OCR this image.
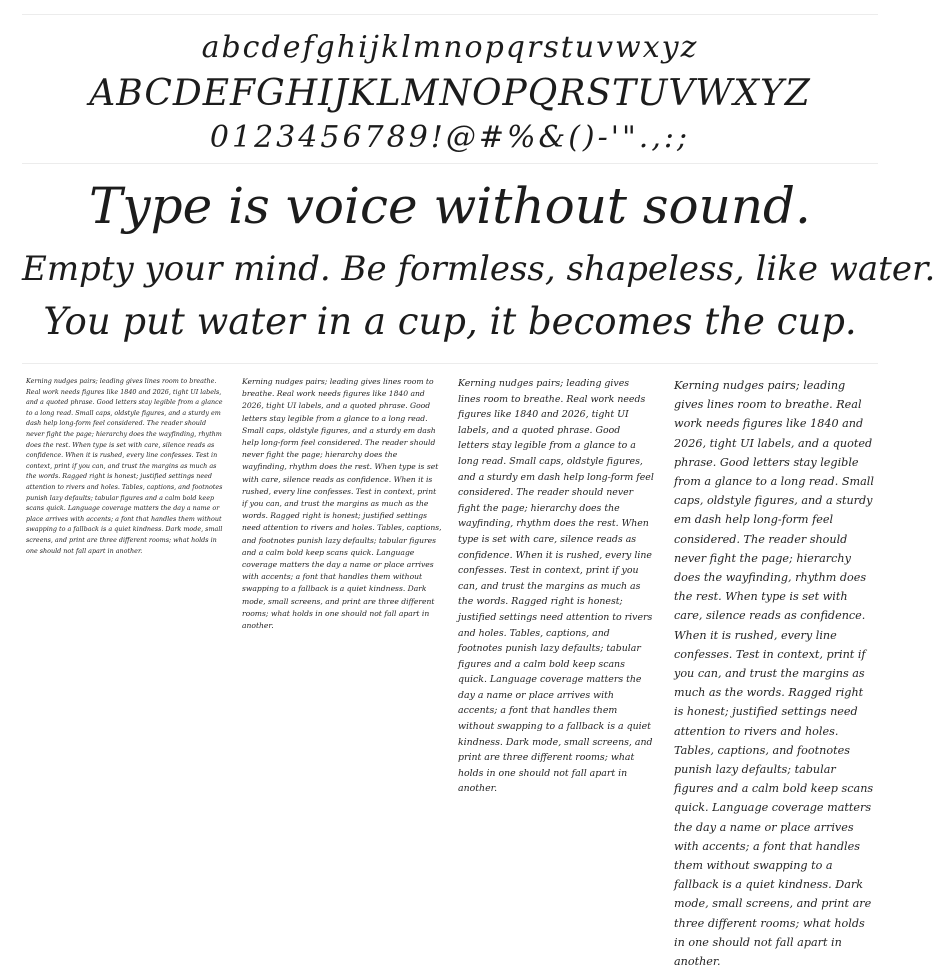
abcdefghijklmnopqrstuvwxyz
ABCDEFGHIJKLMNOPQRSTUVWXYZ
0123456789!@#%&()-'".,:;
Type is voice without sound.
Empty your mind. Be formless, shapeless, like water.
You put water in a cup, it becomes the cup.
Kerning nudges pairs; leading gives lines room to breathe. Real work needs figures like 1840 and 2026, tight UI labels, and a quoted phrase. Good letters stay legible from a glance to a long read. Small caps, oldstyle figures, and a sturdy em dash help long-form feel considered. The reader should never fight the page; hierarchy does the wayfinding, rhythm does the rest. When type is set with care, silence reads as confidence. When it is rushed, every line confesses. Test in context, print if you can, and trust the margins as much as the words. Ragged right is honest; justified settings need attention to rivers and holes. Tables, captions, and footnotes punish lazy defaults; tabular figures and a calm bold keep scans quick. Language coverage matters the day a name or place arrives with accents; a font that handles them without swapping to a fallback is a quiet kindness. Dark mode, small screens, and print are three different rooms; what holds in one should not fall apart in another.
Kerning nudges pairs; leading gives lines room to breathe. Real work needs figures like 1840 and 2026, tight UI labels, and a quoted phrase. Good letters stay legible from a glance to a long read. Small caps, oldstyle figures, and a sturdy em dash help long-form feel considered. The reader should never fight the page; hierarchy does the wayfinding, rhythm does the rest. When type is set with care, silence reads as confidence. When it is rushed, every line confesses. Test in context, print if you can, and trust the margins as much as the words. Ragged right is honest; justified settings need attention to rivers and holes. Tables, captions, and footnotes punish lazy defaults; tabular figures and a calm bold keep scans quick. Language coverage matters the day a name or place arrives with accents; a font that handles them without swapping to a fallback is a quiet kindness. Dark mode, small screens, and print are three different rooms; what holds in one should not fall apart in another.
Kerning nudges pairs; leading gives lines room to breathe. Real work needs figures like 1840 and 2026, tight UI labels, and a quoted phrase. Good letters stay legible from a glance to a long read. Small caps, oldstyle figures, and a sturdy em dash help long-form feel considered. The reader should never fight the page; hierarchy does the wayfinding, rhythm does the rest. When type is set with care, silence reads as confidence. When it is rushed, every line confesses. Test in context, print if you can, and trust the margins as much as the words. Ragged right is honest; justified settings need attention to rivers and holes. Tables, captions, and footnotes punish lazy defaults; tabular figures and a calm bold keep scans quick. Language coverage matters the day a name or place arrives with accents; a font that handles them without swapping to a fallback is a quiet kindness. Dark mode, small screens, and print are three different rooms; what holds in one should not fall apart in another.
Kerning nudges pairs; leading gives lines room to breathe. Real work needs figures like 1840 and 2026, tight UI labels, and a quoted phrase. Good letters stay legible from a glance to a long read. Small caps, oldstyle figures, and a sturdy em dash help long-form feel considered. The reader should never fight the page; hierarchy does the wayfinding, rhythm does the rest. When type is set with care, silence reads as confidence. When it is rushed, every line confesses. Test in context, print if you can, and trust the margins as much as the words. Ragged right is honest; justified settings need attention to rivers and holes. Tables, captions, and footnotes punish lazy defaults; tabular figures and a calm bold keep scans quick. Language coverage matters the day a name or place arrives with accents; a font that handles them without swapping to a fallback is a quiet kindness. Dark mode, small screens, and print are three different rooms; what holds in one should not fall apart in another.
